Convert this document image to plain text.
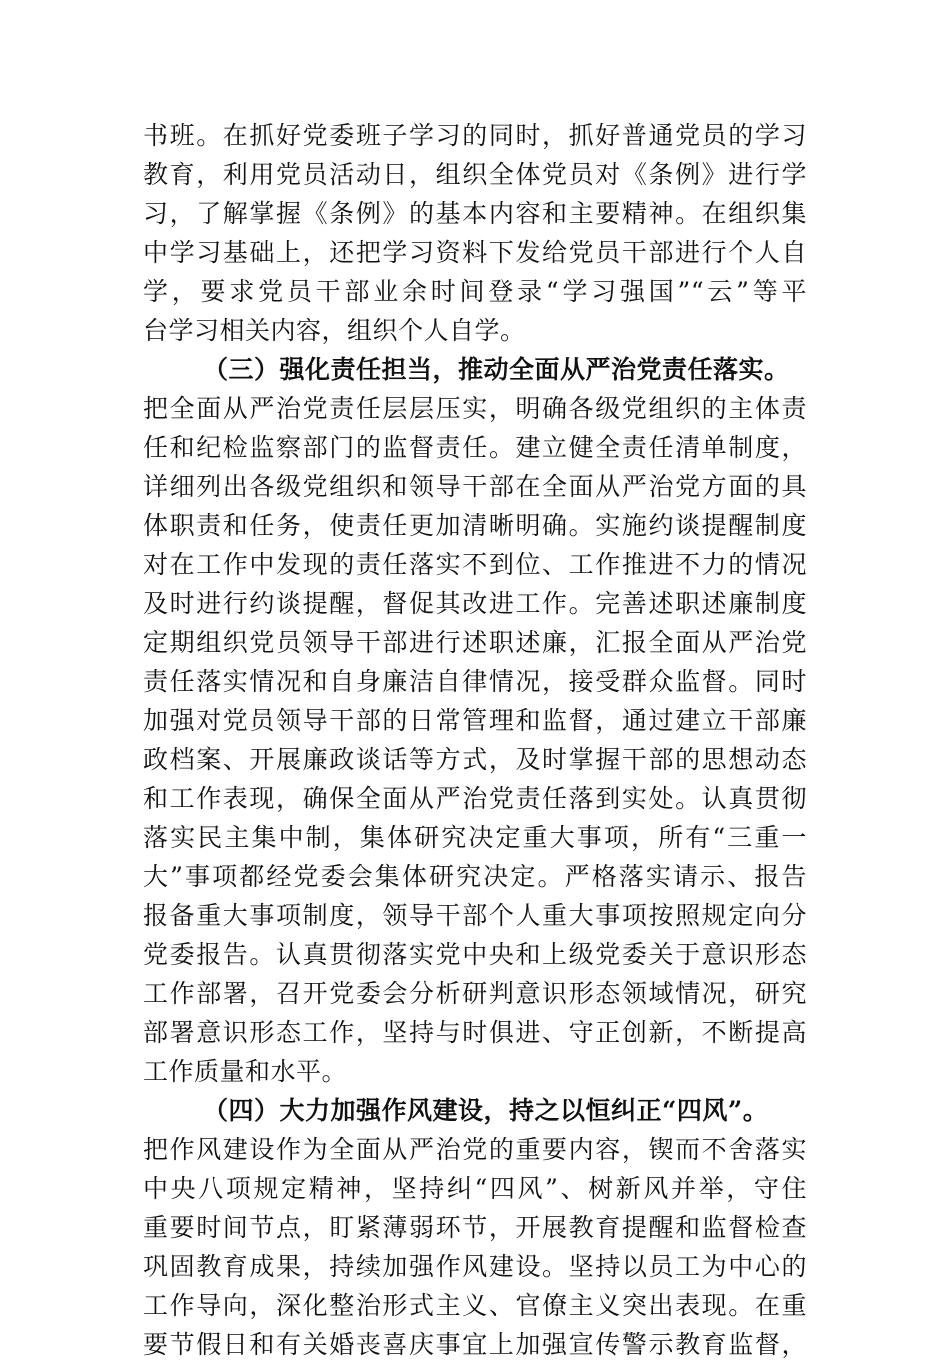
书班。在抓好党委班子学习的同时，抓好普通党员的学习
教育，利用党员活动日，组织全体党员对《条例》进行学
习，了解掌握《条例》的基本内容和主要精神。在组织集
中学习基础上，还把学习资料下发给党员干部进行个人自
学，要求党员干部业余时间登录“学习强国”“云”等平
台学习相关内容，组织个人自学。
（三）强化责任担当，推动全面从严治党责任落实。
把全面从严治党责任层层压实，明确各级党组织的主体责
任和纪检监察部门的监督责任。建立健全责任清单制度，
详细列出各级党组织和领导干部在全面从严治党方面的具
体职责和任务，使责任更加清晰明确。实施约谈提醒制度
对在工作中发现的责任落实不到位、工作推进不力的情况
及时进行约谈提醒，督促其改进工作。完善述职述廉制度
定期组织党员领导干部进行述职述廉，汇报全面从严治党
责任落实情况和自身廉洁自律情况，接受群众监督。同时
加强对党员领导干部的日常管理和监督，通过建立干部廉
政档案、开展廉政谈话等方式，及时掌握干部的思想动态
和工作表现，确保全面从严治党责任落到实处。认真贯彻
落实民主集中制，集体研究决定重大事项，所有“三重一
大”事项都经党委会集体研究决定。严格落实请示、报告
报备重大事项制度，领导干部个人重大事项按照规定向分
党委报告。认真贯彻落实党中央和上级党委关于意识形态
工作部署，召开党委会分析研判意识形态领域情况，研究
部署意识形态工作，坚持与时俱进、守正创新，不断提高
工作质量和水平。
（四）大力加强作风建设，持之以恒纠正“四风”。
把作风建设作为全面从严治党的重要内容，锲而不舍落实
中央八项规定精神，坚持纠“四风”、树新风并举，守住
重要时间节点，盯紧薄弱环节，开展教育提醒和监督检查
巩固教育成果，持续加强作风建设。坚持以员工为中心的
工作导向，深化整治形式主义、官僚主义突出表现。在重
要节假日和有关婚丧喜庆事宜上加强宣传警示教育监督，
